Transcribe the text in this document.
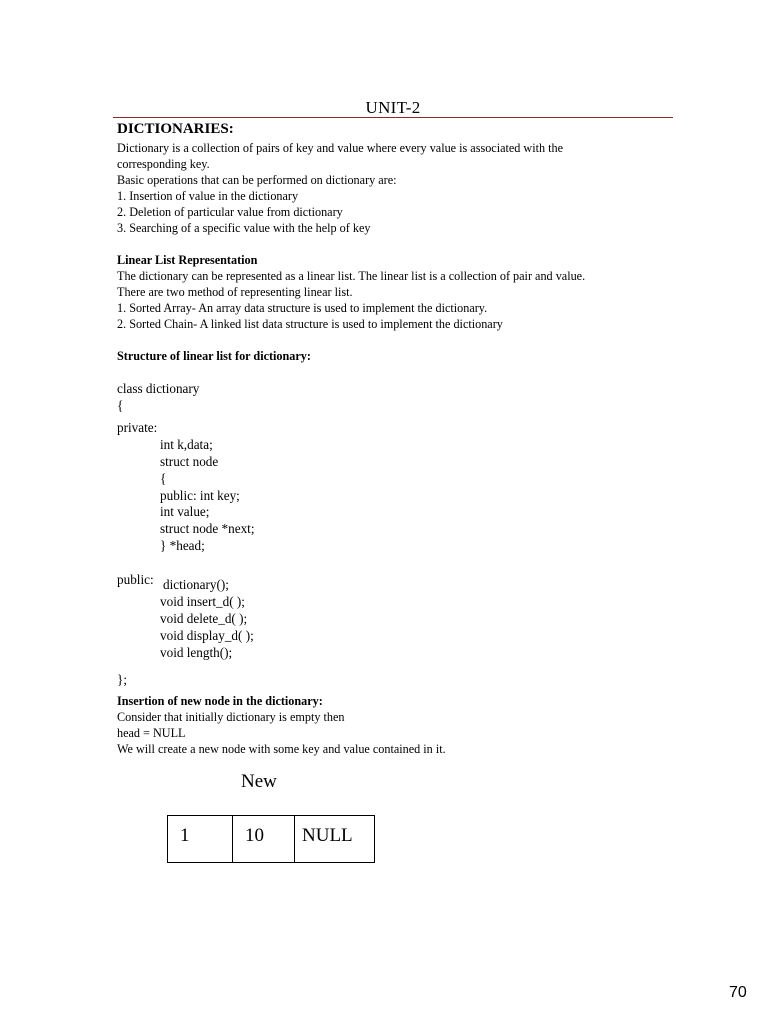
UNIT-2
DICTIONARIES:
Dictionary is a collection of pairs of key and value where every value is associated with the
corresponding key.
Basic operations that can be performed on dictionary are:
1. Insertion of value in the dictionary
2. Deletion of particular value from dictionary
3. Searching of a specific value with the help of key
Linear List Representation
The dictionary can be represented as a linear list. The linear list is a collection of pair and value.
There are two method of representing linear list.
1. Sorted Array- An array data structure is used to implement the dictionary.
2. Sorted Chain- A linked list data structure is used to implement the dictionary
Structure of linear list for dictionary:
class dictionary
{
private:
int k,data;
struct node
{
public: int key;
int value;
struct node *next;
} *head;
public: dictionary();
void insert_d( );
void delete_d( );
void display_d( );
void length();
};
Insertion of new node in the dictionary:
Consider that initially dictionary is empty then
head = NULL
We will create a new node with some key and value contained in it.
New
1	10	NULL
70
